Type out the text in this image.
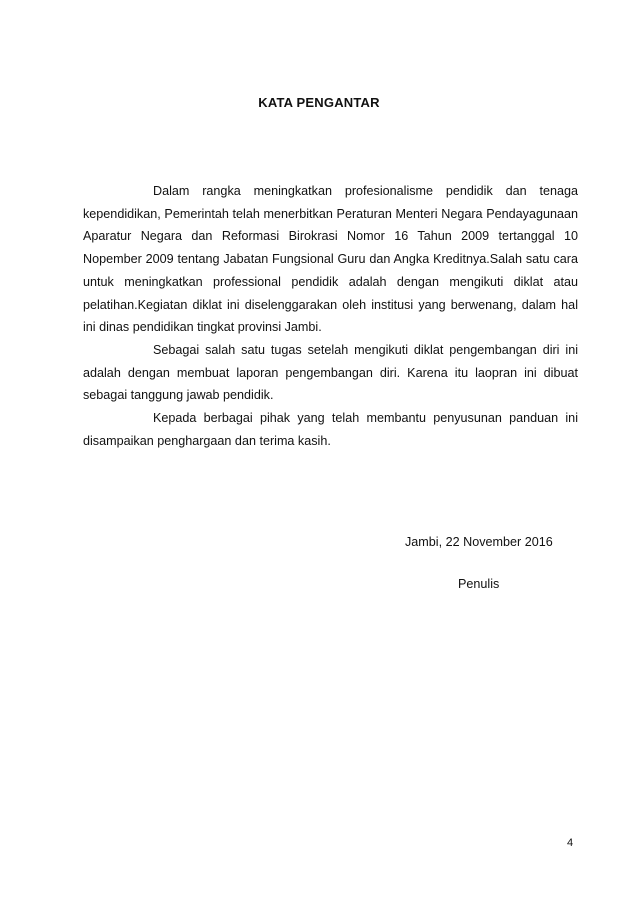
KATA PENGANTAR

Dalam rangka meningkatkan profesionalisme pendidik dan tenaga kependidikan, Pemerintah telah menerbitkan Peraturan Menteri Negara Pendayagunaan Aparatur Negara dan Reformasi Birokrasi Nomor 16 Tahun 2009 tertanggal 10 Nopember 2009 tentang Jabatan Fungsional Guru dan Angka Kreditnya.Salah satu cara untuk meningkatkan professional pendidik adalah dengan mengikuti diklat atau pelatihan.Kegiatan diklat ini diselenggarakan oleh institusi yang berwenang, dalam hal ini dinas pendidikan tingkat provinsi Jambi.

Sebagai salah satu tugas setelah mengikuti diklat pengembangan diri ini adalah dengan membuat laporan pengembangan diri. Karena itu laopran ini dibuat sebagai tanggung jawab pendidik.

Kepada berbagai pihak yang telah membantu penyusunan panduan ini disampaikan penghargaan dan terima kasih.

Jambi, 22 November 2016
Penulis
4
